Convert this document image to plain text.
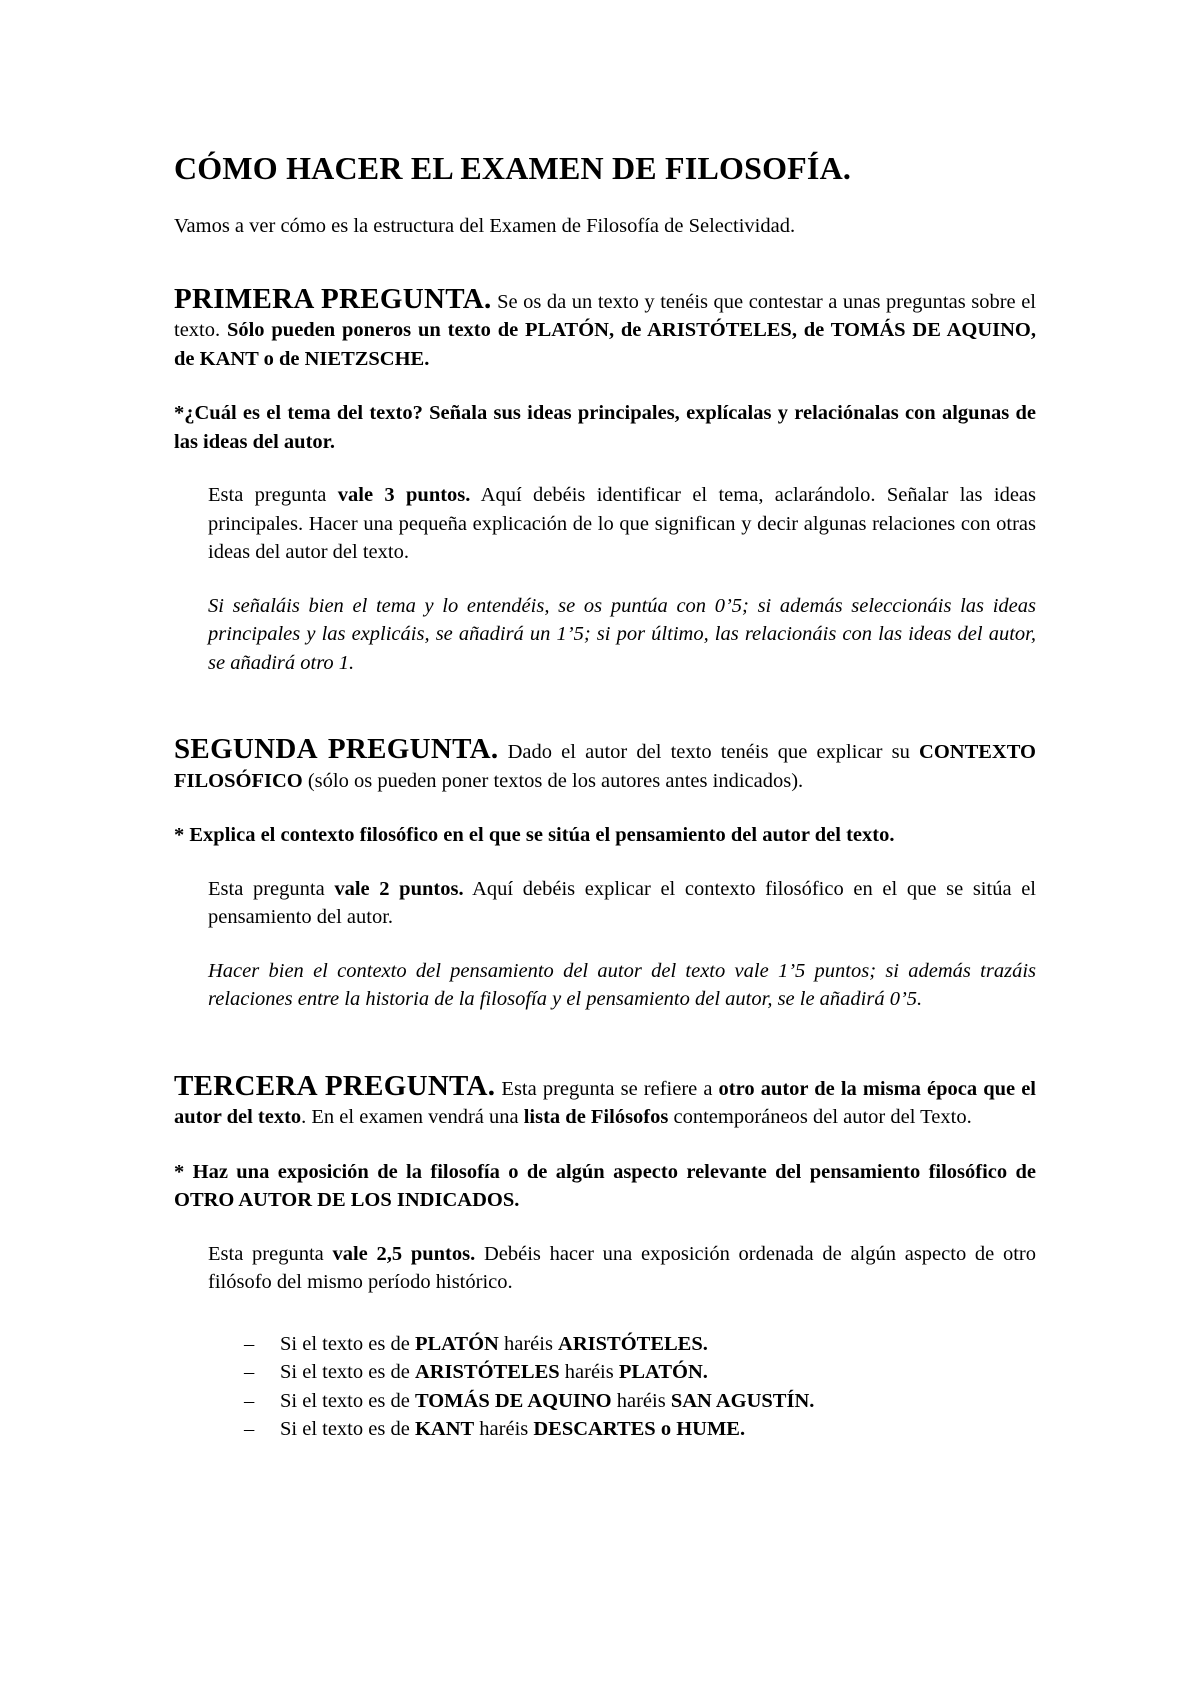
CÓMO HACER EL EXAMEN DE FILOSOFÍA.

Vamos a ver cómo es la estructura del Examen de Filosofía de Selectividad.

PRIMERA PREGUNTA. Se os da un texto y tenéis que contestar a unas preguntas sobre el texto. Sólo pueden poneros un texto de PLATÓN, de ARISTÓTELES, de TOMÁS DE AQUINO, de KANT o de NIETZSCHE.

*¿Cuál es el tema del texto? Señala sus ideas principales, explícalas y relaciónalas con algunas de las ideas del autor.

Esta pregunta vale 3 puntos. Aquí debéis identificar el tema, aclarándolo. Señalar las ideas principales. Hacer una pequeña explicación de lo que significan y decir algunas relaciones con otras ideas del autor del texto.

Si señaláis bien el tema y lo entendéis, se os puntúa con 0’5; si además seleccionáis las ideas principales y las explicáis, se añadirá un 1’5; si por último, las relacionáis con las ideas del autor, se añadirá otro 1.

SEGUNDA PREGUNTA. Dado el autor del texto tenéis que explicar su CONTEXTO FILOSÓFICO (sólo os pueden poner textos de los autores antes indicados).

* Explica el contexto filosófico en el que se sitúa el pensamiento del autor del texto.

Esta pregunta vale 2 puntos. Aquí debéis explicar el contexto filosófico en el que se sitúa el pensamiento del autor.

Hacer bien el contexto del pensamiento del autor del texto vale 1’5 puntos; si además trazáis relaciones entre la historia de la filosofía y el pensamiento del autor, se le añadirá 0’5.

TERCERA PREGUNTA. Esta pregunta se refiere a otro autor de la misma época que el autor del texto. En el examen vendrá una lista de Filósofos contemporáneos del autor del Texto.

* Haz una exposición de la filosofía o de algún aspecto relevante del pensamiento filosófico de OTRO AUTOR DE LOS INDICADOS.

Esta pregunta vale 2,5 puntos. Debéis hacer una exposición ordenada de algún aspecto de otro filósofo del mismo período histórico.

– Si el texto es de PLATÓN haréis ARISTÓTELES.
– Si el texto es de ARISTÓTELES haréis PLATÓN.
– Si el texto es de TOMÁS DE AQUINO haréis SAN AGUSTÍN.
– Si el texto es de KANT haréis DESCARTES o HUME.
